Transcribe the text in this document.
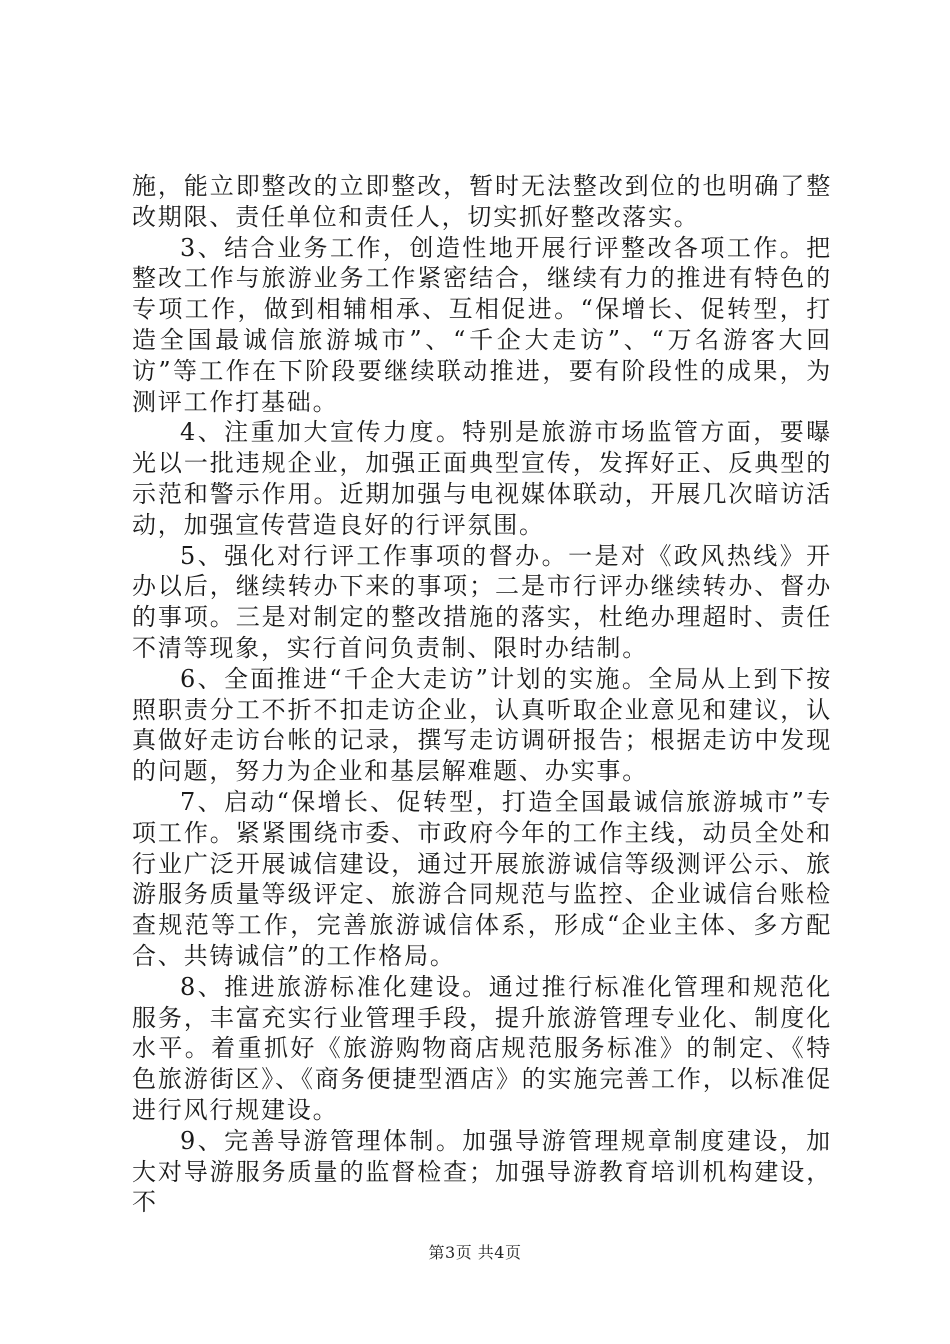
施，能立即整改的立即整改，暂时无法整改到位的也明确了整改期限、责任单位和责任人，切实抓好整改落实。

3、结合业务工作，创造性地开展行评整改各项工作。把整改工作与旅游业务工作紧密结合，继续有力的推进有特色的专项工作，做到相辅相承、互相促进。“保增长、促转型，打造全国最诚信旅游城市”、“千企大走访”、“万名游客大回访”等工作在下阶段要继续联动推进，要有阶段性的成果，为测评工作打基础。

4、注重加大宣传力度。特别是旅游市场监管方面，要曝光以一批违规企业，加强正面典型宣传，发挥好正、反典型的示范和警示作用。近期加强与电视媒体联动，开展几次暗访活动，加强宣传营造良好的行评氛围。

5、强化对行评工作事项的督办。一是对《政风热线》开办以后，继续转办下来的事项；二是市行评办继续转办、督办的事项。三是对制定的整改措施的落实，杜绝办理超时、责任不清等现象，实行首问负责制、限时办结制。

6、全面推进“千企大走访”计划的实施。全局从上到下按照职责分工不折不扣走访企业，认真听取企业意见和建议，认真做好走访台帐的记录，撰写走访调研报告；根据走访中发现的问题，努力为企业和基层解难题、办实事。

7、启动“保增长、促转型，打造全国最诚信旅游城市”专项工作。紧紧围绕市委、市政府今年的工作主线，动员全处和行业广泛开展诚信建设，通过开展旅游诚信等级测评公示、旅游服务质量等级评定、旅游合同规范与监控、企业诚信台账检查规范等工作，完善旅游诚信体系，形成“企业主体、多方配合、共铸诚信”的工作格局。

8、推进旅游标准化建设。通过推行标准化管理和规范化服务，丰富充实行业管理手段，提升旅游管理专业化、制度化水平。着重抓好《旅游购物商店规范服务标准》的制定、《特色旅游街区》、《商务便捷型酒店》的实施完善工作，以标准促进行风行规建设。

9、完善导游管理体制。加强导游管理规章制度建设，加大对导游服务质量的监督检查；加强导游教育培训机构建设，不

第3页 共4页
